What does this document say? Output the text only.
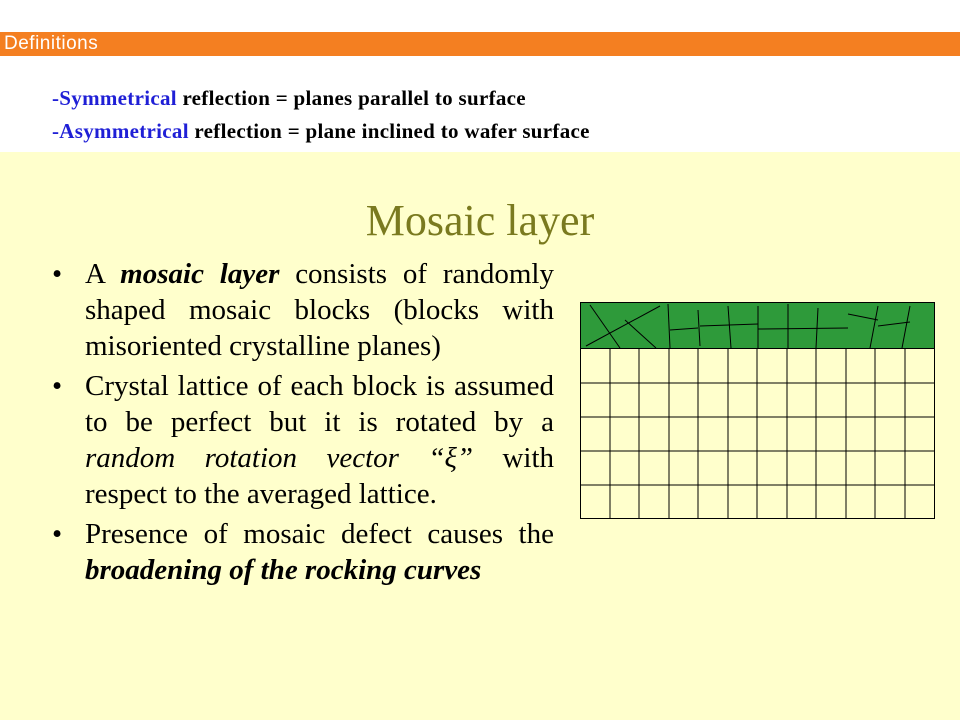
Definitions
-Symmetrical reflection = planes parallel to surface
-Asymmetrical reflection = plane inclined to wafer surface
Mosaic layer
• A mosaic layer consists of randomly shaped mosaic blocks (blocks with misoriented crystalline planes)
• Crystal lattice of each block is assumed to be perfect but it is rotated by a random rotation vector “ξ” with respect to the averaged lattice.
• Presence of mosaic defect causes the broadening of the rocking curves
